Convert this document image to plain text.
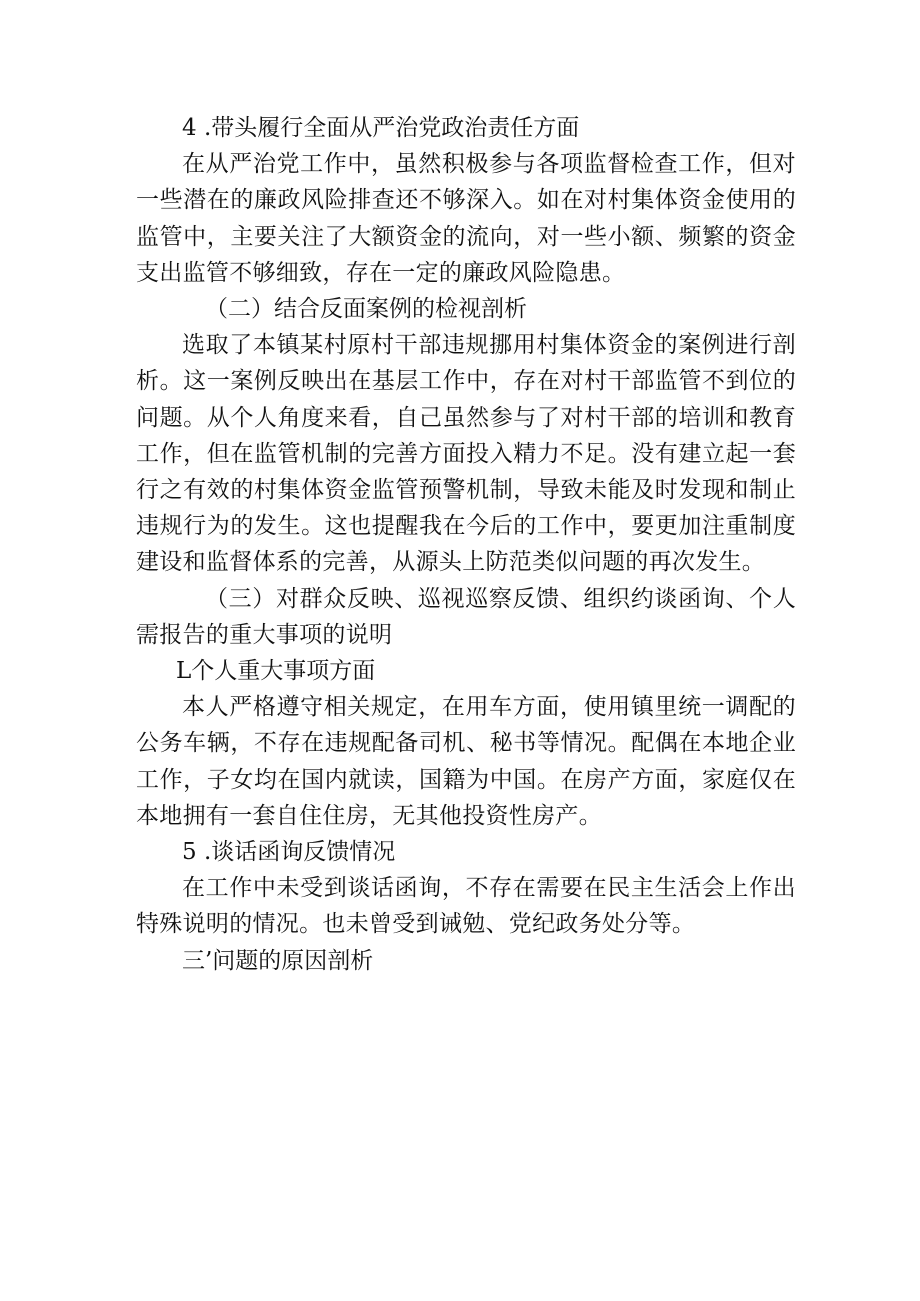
4 .带头履行全面从严治党政治责任方面

在从严治党工作中，虽然积极参与各项监督检查工作，但对一些潜在的廉政风险排查还不够深入。如在对村集体资金使用的监管中，主要关注了大额资金的流向，对一些小额、频繁的资金支出监管不够细致，存在一定的廉政风险隐患。

（二）结合反面案例的检视剖析

选取了本镇某村原村干部违规挪用村集体资金的案例进行剖析。这一案例反映出在基层工作中，存在对村干部监管不到位的问题。从个人角度来看，自己虽然参与了对村干部的培训和教育工作，但在监管机制的完善方面投入精力不足。没有建立起一套行之有效的村集体资金监管预警机制，导致未能及时发现和制止违规行为的发生。这也提醒我在今后的工作中，要更加注重制度建设和监督体系的完善，从源头上防范类似问题的再次发生。

（三）对群众反映、巡视巡察反馈、组织约谈函询、个人需报告的重大事项的说明

L个人重大事项方面

本人严格遵守相关规定，在用车方面，使用镇里统一调配的公务车辆，不存在违规配备司机、秘书等情况。配偶在本地企业工作，子女均在国内就读，国籍为中国。在房产方面，家庭仅在本地拥有一套自住住房，无其他投资性房产。

5 .谈话函询反馈情况

在工作中未受到谈话函询，不存在需要在民主生活会上作出特殊说明的情况。也未曾受到诫勉、党纪政务处分等。

三’问题的原因剖析
